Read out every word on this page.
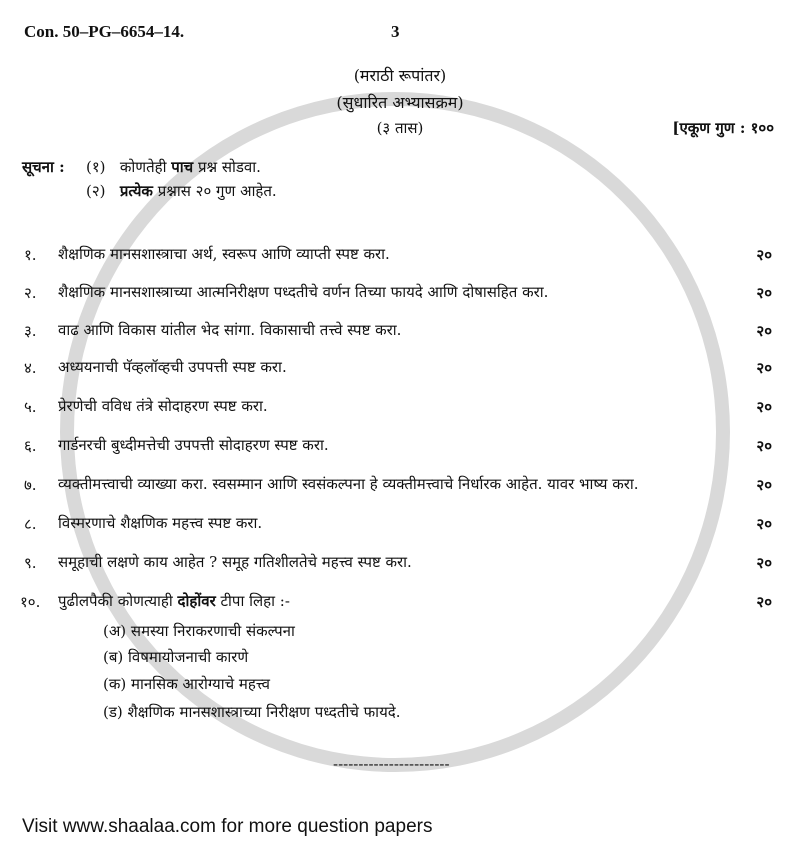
Con. 50–PG–6654–14.	3
(मराठी रूपांतर)
(सुधारित अभ्यासक्रम)
(३ तास)	[एकूण गुण : १००
सूचना : (१) कोणतेही पाच प्रश्न सोडवा.
(२) प्रत्येक प्रश्नास २० गुण आहेत.
१. शैक्षणिक मानसशास्त्राचा अर्थ, स्वरूप आणि व्याप्ती स्पष्ट करा.	२०
२. शैक्षणिक मानसशास्त्राच्या आत्मनिरीक्षण पध्दतीचे वर्णन तिच्या फायदे आणि दोषासहित करा.	२०
३. वाढ आणि विकास यांतील भेद सांगा. विकासाची तत्त्वे स्पष्ट करा.	२०
४. अध्ययनाची पॅव्हलॉव्हची उपपत्ती स्पष्ट करा.	२०
५. प्रेरणेची वविध तंत्रे सोदाहरण स्पष्ट करा.	२०
६. गार्डनरची बुध्दीमत्तेची उपपत्ती सोदाहरण स्पष्ट करा.	२०
७. व्यक्तीमत्त्वाची व्याख्या करा. स्वसम्मान आणि स्वसंकल्पना हे व्यक्तीमत्त्वाचे निर्धारक आहेत. यावर भाष्य करा.	२०
८. विस्मरणाचे शैक्षणिक महत्त्व स्पष्ट करा.	२०
९. समूहाची लक्षणे काय आहेत ? समूह गतिशीलतेचे महत्त्व स्पष्ट करा.	२०
१०. पुढीलपैकी कोणत्याही दोहोंवर टीपा लिहा :-	२०
(अ) समस्या निराकरणाची संकल्पना
(ब) विषमायोजनाची कारणे
(क) मानसिक आरोग्याचे महत्त्व
(ड) शैक्षणिक मानसशास्त्राच्या निरीक्षण पध्दतीचे फायदे.
-----------------------
Visit www.shaalaa.com for more question papers
